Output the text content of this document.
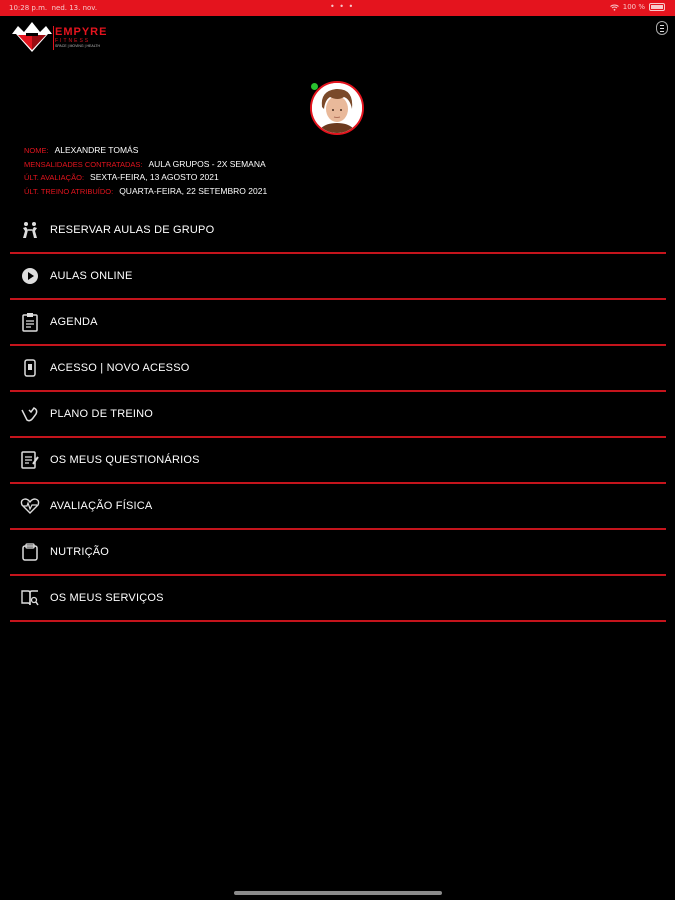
10:28 p.m. ned. 13. nov.	• • •	100 %
EMPYRE
FITNESS
SPACE | MOVING | HEALTH
NOME: ALEXANDRE TOMÁS
MENSALIDADES CONTRATADAS: AULA GRUPOS - 2X SEMANA
ÚLT. AVALIAÇÃO: SEXTA-FEIRA, 13 AGOSTO 2021
ÚLT. TREINO ATRIBUÍDO: QUARTA-FEIRA, 22 SETEMBRO 2021
RESERVAR AULAS DE GRUPO
AULAS ONLINE
AGENDA
ACESSO | NOVO ACESSO
PLANO DE TREINO
OS MEUS QUESTIONÁRIOS
AVALIAÇÃO FÍSICA
NUTRIÇÃO
OS MEUS SERVIÇOS
